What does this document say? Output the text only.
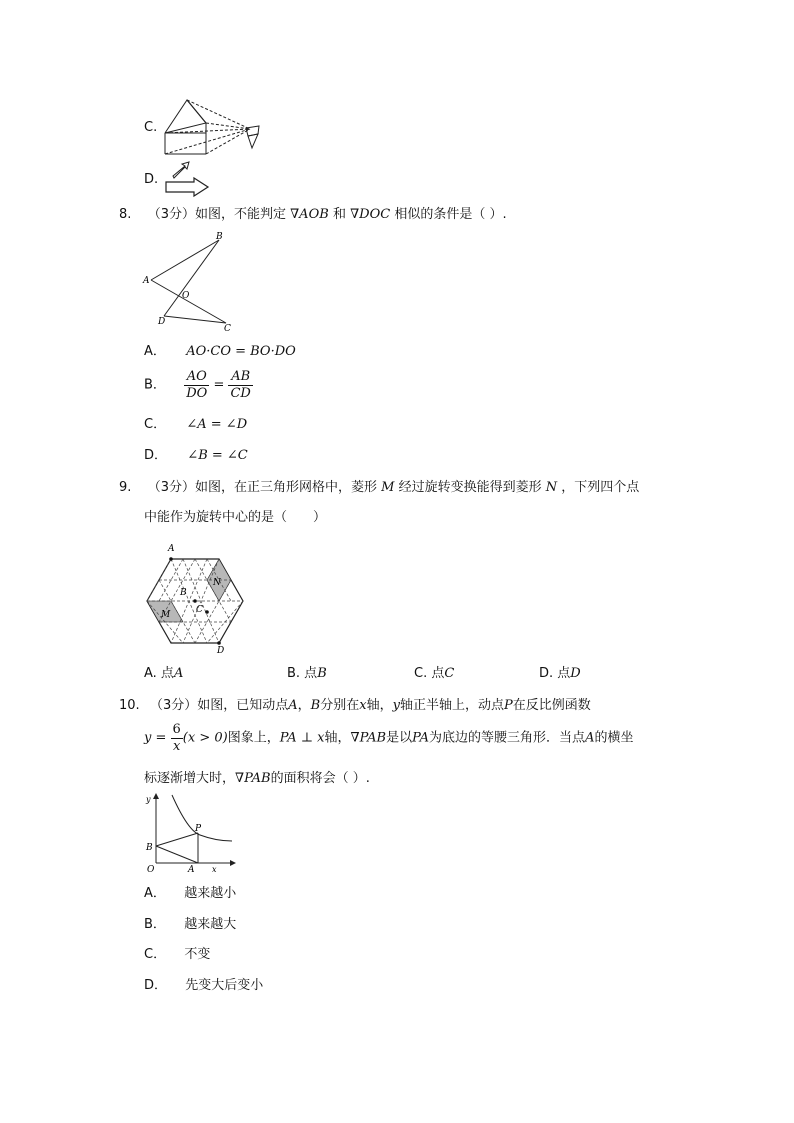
C.
D.
8. （3分）如图，不能判定 ∇AOB 和 ∇DOC 相似的条件是（ ）.
A
B
O
D
C
A． AO·CO = BO·DO
B． $\frac{AO}{DO} = \frac{AB}{CD}$
C． ∠A = ∠D
D． ∠B = ∠C
9. （3分）如图，在正三角形网格中，菱形 M 经过旋转变换能得到菱形 N ，下列四个点
中能作为旋转中心的是（　　）
A
B
C
D
M
N
A. 点A	B. 点B	C. 点C	D. 点D
10. （3分）如图，已知动点A，B分别在x轴，y轴正半轴上，动点P在反比例函数
$y = \frac{6}{x} (x > 0)$图象上，PA ⊥ x轴，∇PAB是以PA为底边的等腰三角形．当点A的横坐
标逐渐增大时，∇PAB的面积将会（ ）.
y
x
O	A
B
P
A． 越来越小
B． 越来越大
C． 不变
D． 先变大后变小
